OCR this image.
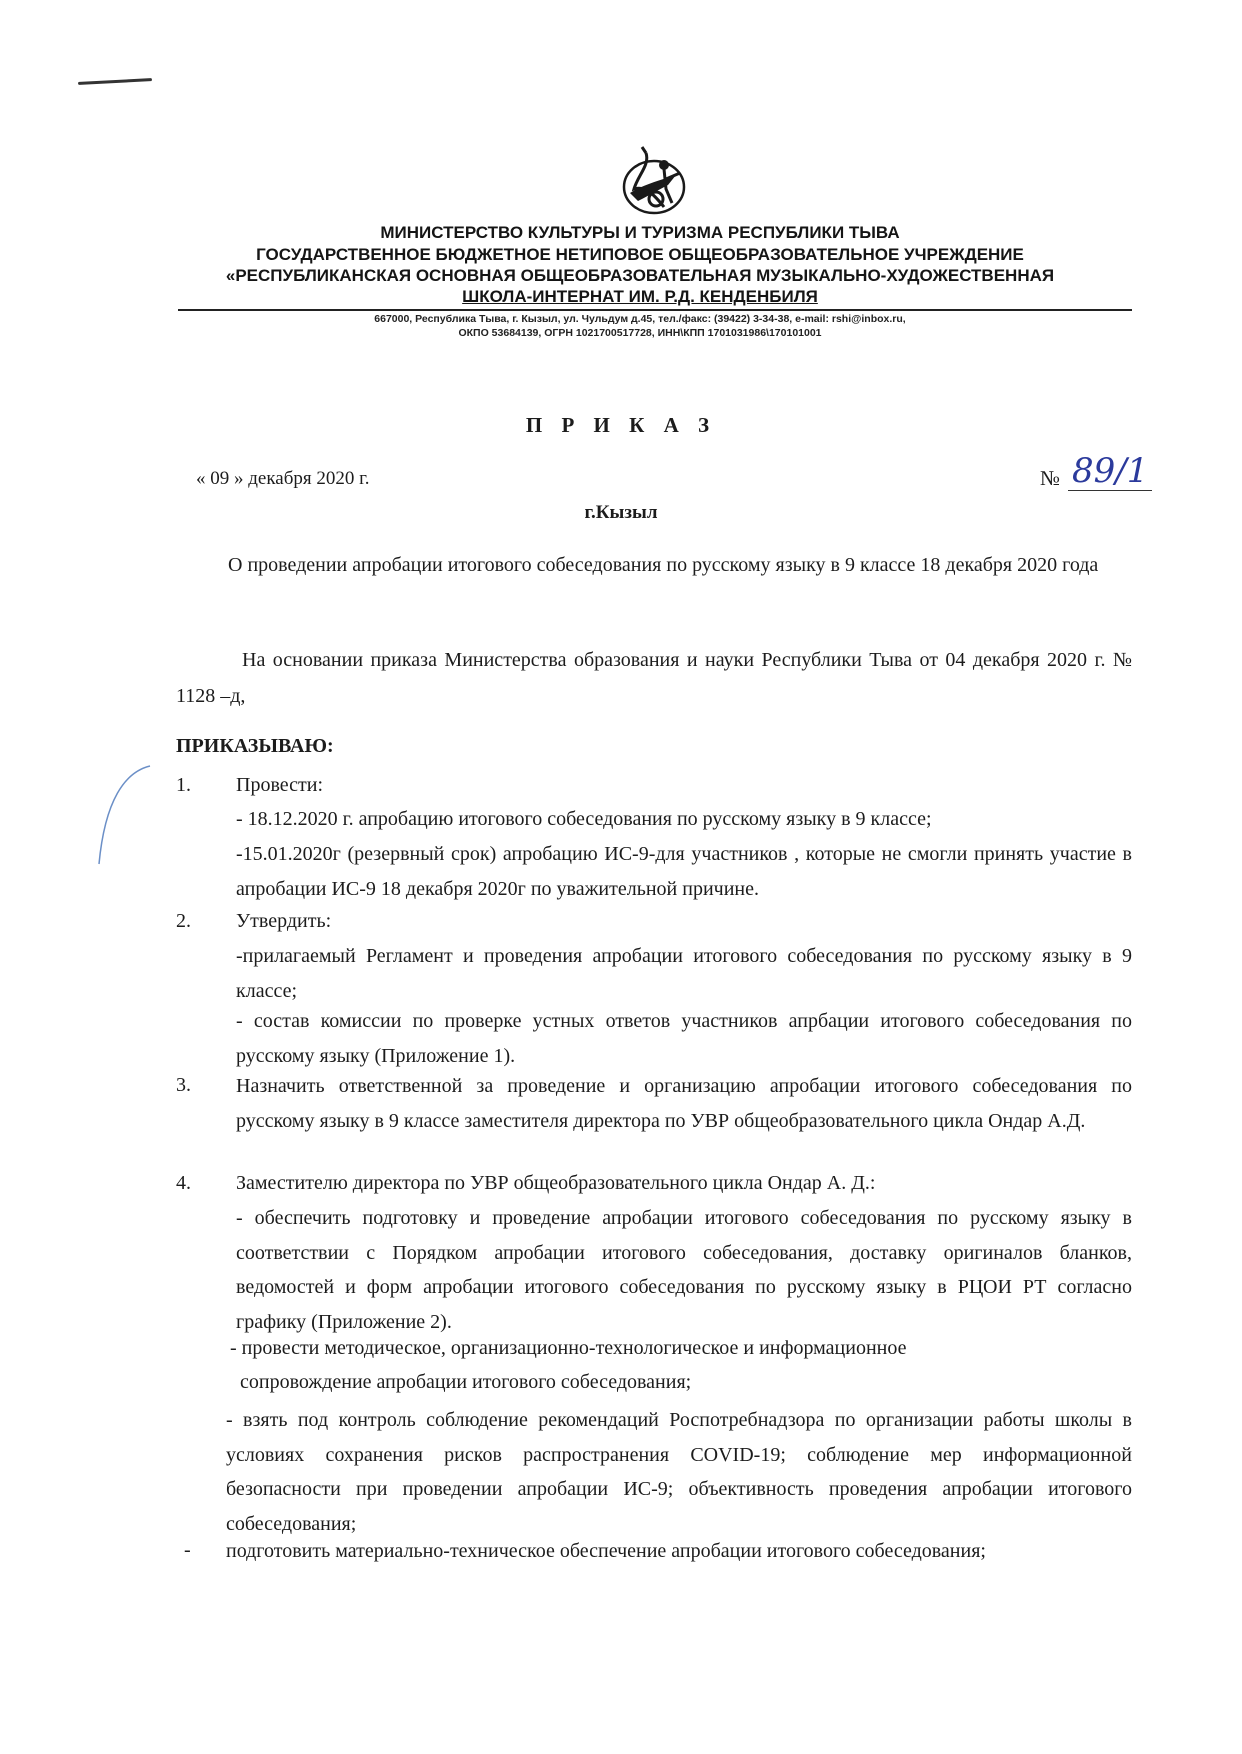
МИНИСТЕРСТВО КУЛЬТУРЫ И ТУРИЗМА РЕСПУБЛИКИ ТЫВА
ГОСУДАРСТВЕННОЕ БЮДЖЕТНОЕ НЕТИПОВОЕ ОБЩЕОБРАЗОВАТЕЛЬНОЕ УЧРЕЖДЕНИЕ
«РЕСПУБЛИКАНСКАЯ ОСНОВНАЯ ОБЩЕОБРАЗОВАТЕЛЬНАЯ МУЗЫКАЛЬНО-ХУДОЖЕСТВЕННАЯ
ШКОЛА-ИНТЕРНАТ ИМ. Р.Д. КЕНДЕНБИЛЯ
667000, Республика Тыва, г. Кызыл, ул. Чульдум д.45, тел./факс: (39422) 3-34-38, e-mail: rshi@inbox.ru,
ОКПО 53684139, ОГРН 1021700517728, ИНН\КПП 1701031986\170101001
П Р И К А З
« 09 » декабря 2020 г.	№ 89/1
г.Кызыл
О проведении апробации итогового собеседования по русскому языку в 9 классе 18 декабря 2020 года
На основании приказа Министерства образования и науки Республики Тыва от 04 декабря 2020 г. № 1128 –д,
ПРИКАЗЫВАЮ:
1. Провести:
- 18.12.2020 г. апробацию итогового собеседования по русскому языку в 9 классе;
-15.01.2020г (резервный срок) апробацию ИС-9-для участников , которые не смогли принять участие в апробации ИС-9 18 декабря 2020г по уважительной причине.
2. Утвердить:
-прилагаемый Регламент и проведения апробации итогового собеседования по русскому языку в 9 классе;
- состав комиссии по проверке устных ответов участников апрбации итогового собеседования по русскому языку (Приложение 1).
3. Назначить ответственной за проведение и организацию апробации итогового собеседования по русскому языку в 9 классе заместителя директора по УВР общеобразовательного цикла Ондар А.Д.
4. Заместителю директора по УВР общеобразовательного цикла Ондар А. Д.:
- обеспечить подготовку и проведение апробации итогового собеседования по русскому языку в соответствии с Порядком апробации итогового собеседования, доставку оригиналов бланков, ведомостей и форм апробации итогового собеседования по русскому языку в РЦОИ РТ согласно графику (Приложение 2).
- провести методическое, организационно-технологическое и информационное
сопровождение апробации итогового собеседования;
- взять под контроль соблюдение рекомендаций Роспотребнадзора по организации работы школы в условиях сохранения рисков распространения COVID-19; соблюдение мер информационной безопасности при проведении апробации ИС-9; объективность проведения апробации итогового собеседования;
- подготовить материально-техническое обеспечение апробации итогового собеседования;
